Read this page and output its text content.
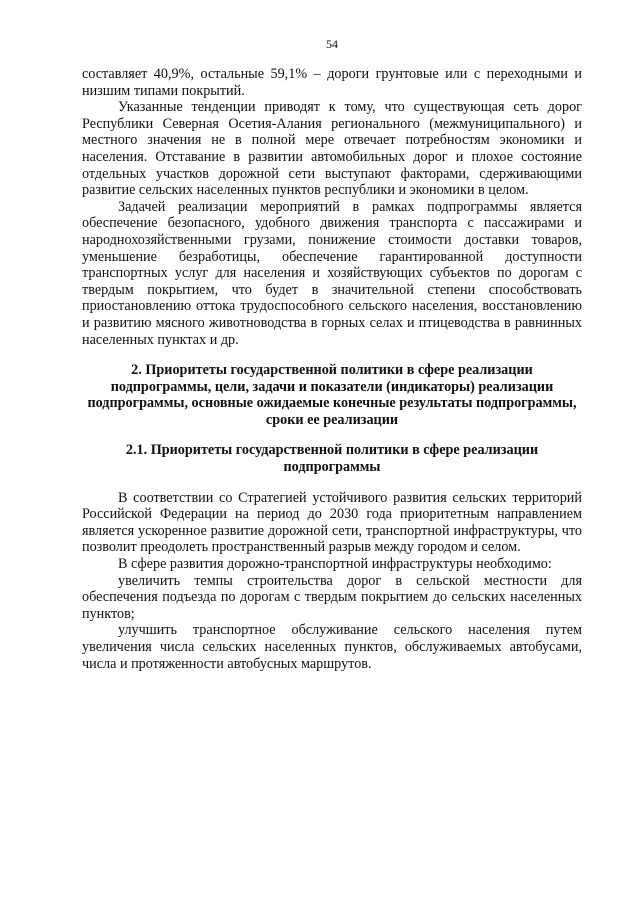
54

составляет 40,9%, остальные 59,1% – дороги грунтовые или с переходными и низшим типами покрытий.

Указанные тенденции приводят к тому, что существующая сеть дорог Республики Северная Осетия-Алания регионального (межмуниципального) и местного значения не в полной мере отвечает потребностям экономики и населения. Отставание в развитии автомобильных дорог и плохое состояние отдельных участков дорожной сети выступают факторами, сдерживающими развитие сельских населенных пунктов республики и экономики в целом.

Задачей реализации мероприятий в рамках подпрограммы является обеспечение безопасного, удобного движения транспорта с пассажирами и народнохозяйственными грузами, понижение стоимости доставки товаров, уменьшение безработицы, обеспечение гарантированной доступности транспортных услуг для населения и хозяйствующих субъектов по дорогам с твердым покрытием, что будет в значительной степени способствовать приостановлению оттока трудоспособного сельского населения, восстановлению и развитию мясного животноводства в горных селах и птицеводства в равнинных населенных пунктах и др.

2. Приоритеты государственной политики в сфере реализации подпрограммы, цели, задачи и показатели (индикаторы) реализации подпрограммы, основные ожидаемые конечные результаты подпрограммы, сроки ее реализации
2.1. Приоритеты государственной политики в сфере реализации подпрограммы

В соответствии со Стратегией устойчивого развития сельских территорий Российской Федерации на период до 2030 года приоритетным направлением является ускоренное развитие дорожной сети, транспортной инфраструктуры, что позволит преодолеть пространственный разрыв между городом и селом.

В сфере развития дорожно-транспортной инфраструктуры необходимо:

увеличить темпы строительства дорог в сельской местности для обеспечения подъезда по дорогам с твердым покрытием до сельских населенных пунктов;

улучшить транспортное обслуживание сельского населения путем увеличения числа сельских населенных пунктов, обслуживаемых автобусами, числа и протяженности автобусных маршрутов.
